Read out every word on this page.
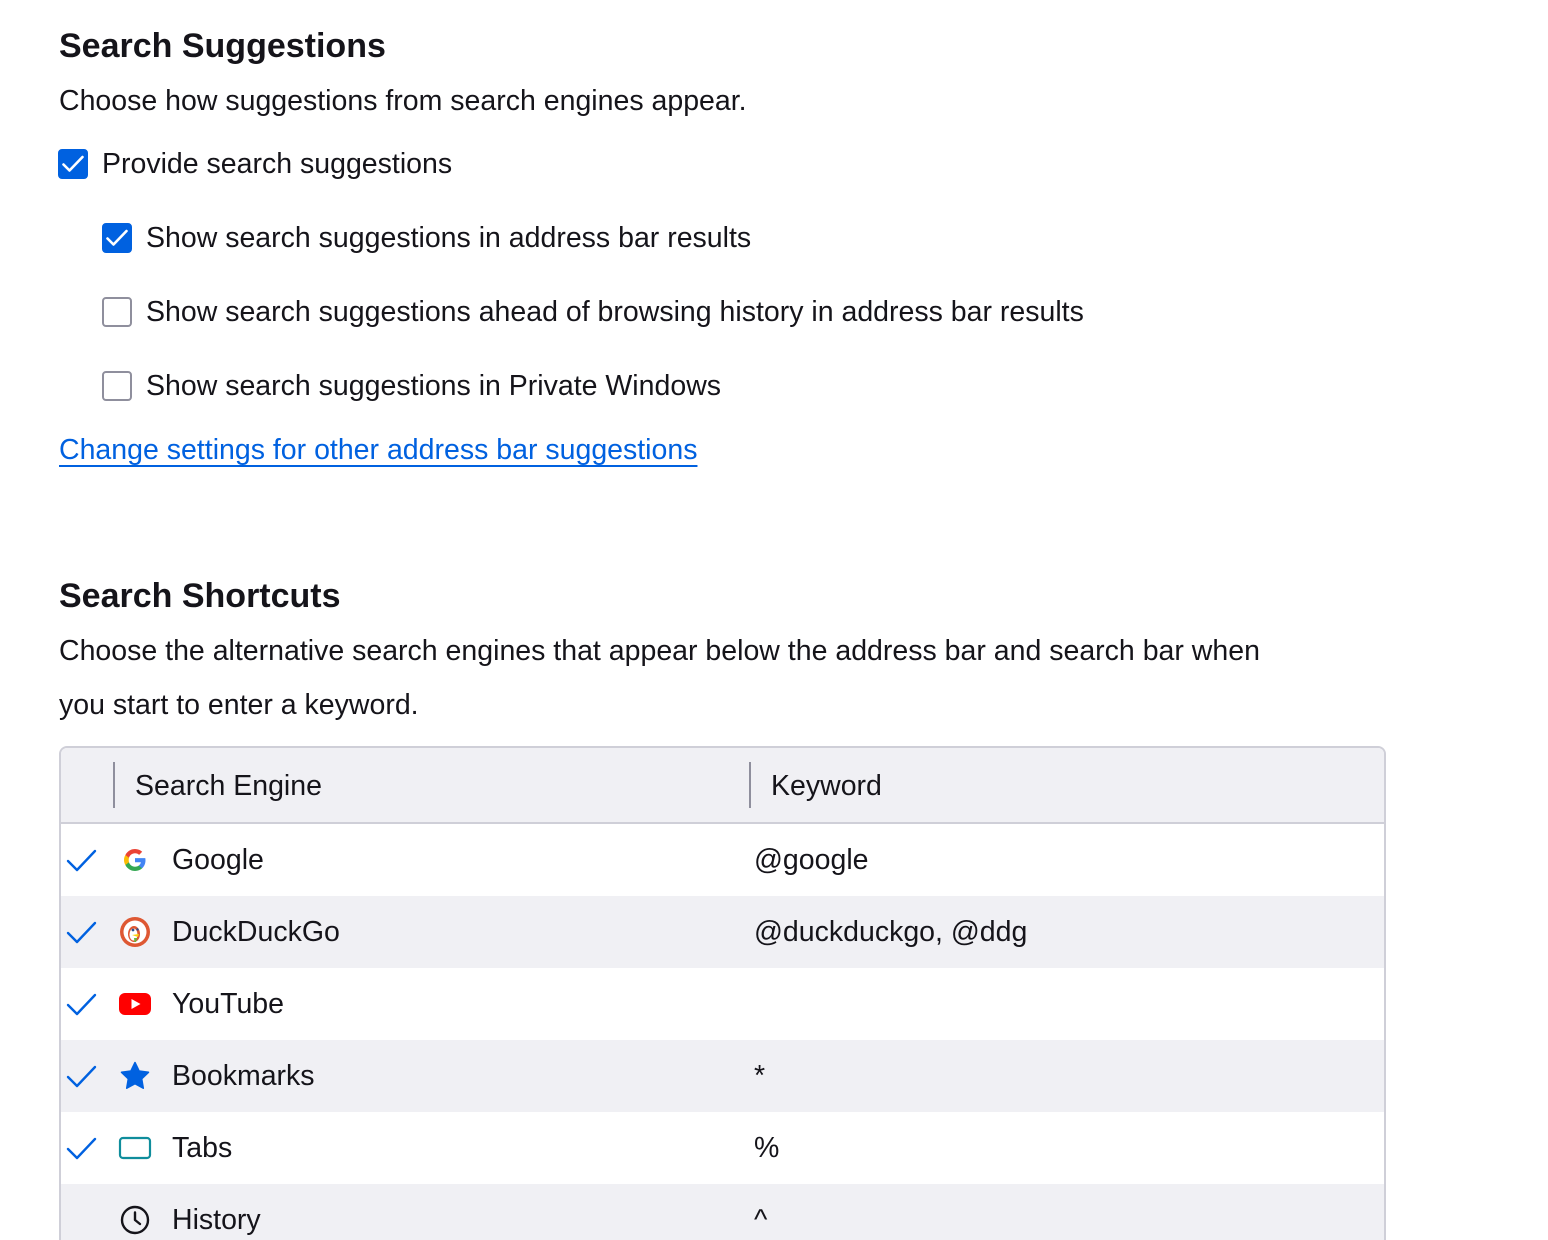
Search Suggestions

Choose how suggestions from search engines appear.

Provide search suggestions
Show search suggestions in address bar results
Show search suggestions ahead of browsing history in address bar results
Show search suggestions in Private Windows
Change settings for other address bar suggestions
Search Shortcuts

Choose the alternative search engines that appear below the address bar and search bar when

you start to enter a keyword.

Search Engine	Keyword
Google	@google
DuckDuckGo	@duckduckgo, @ddg
YouTube
Bookmarks	*
Tabs	%
History	^
